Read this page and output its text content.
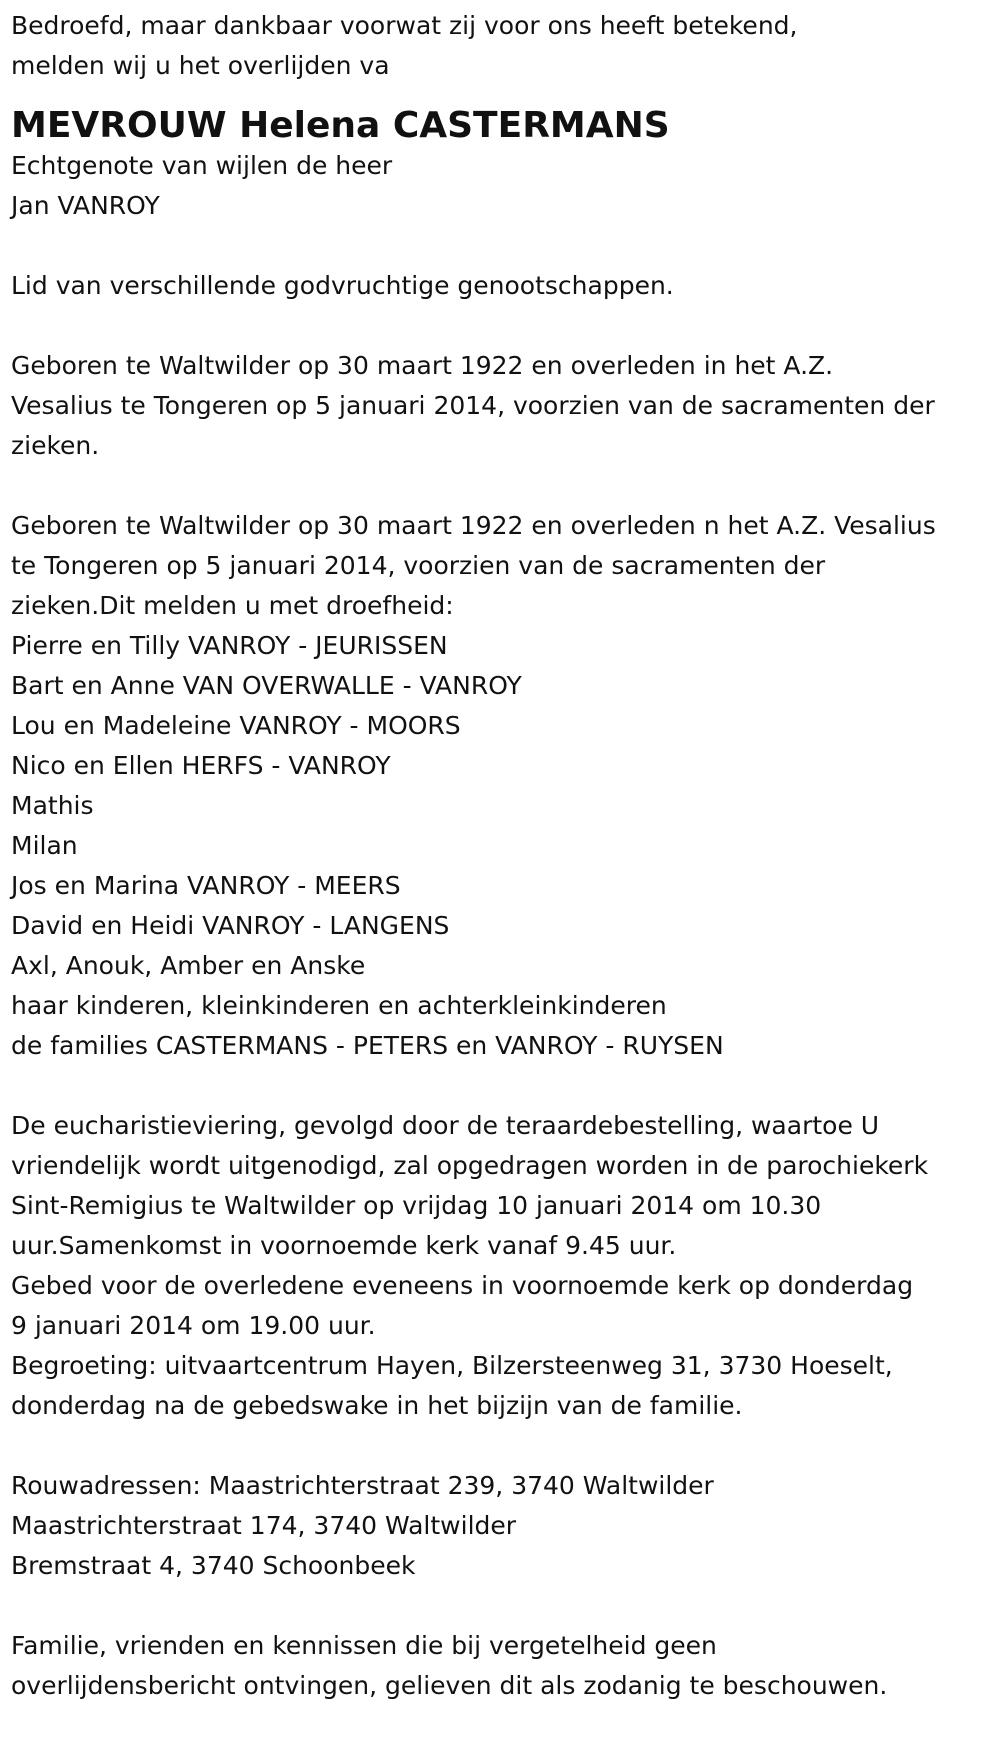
Bedroefd, maar dankbaar voorwat zij voor ons heeft betekend,
melden wij u het overlijden va
MEVROUW Helena CASTERMANS
Echtgenote van wijlen de heer
Jan VANROY
Lid van verschillende godvruchtige genootschappen.
Geboren te Waltwilder op 30 maart 1922 en overleden in het A.Z.
Vesalius te Tongeren op 5 januari 2014, voorzien van de sacramenten der
zieken.
Geboren te Waltwilder op 30 maart 1922 en overleden n het A.Z. Vesalius
te Tongeren op 5 januari 2014, voorzien van de sacramenten der
zieken.Dit melden u met droefheid:
Pierre en Tilly VANROY - JEURISSEN
Bart en Anne VAN OVERWALLE - VANROY
Lou en Madeleine VANROY - MOORS
Nico en Ellen HERFS - VANROY
Mathis
Milan
Jos en Marina VANROY - MEERS
David en Heidi VANROY - LANGENS
Axl, Anouk, Amber en Anske
haar kinderen, kleinkinderen en achterkleinkinderen
de families CASTERMANS - PETERS en VANROY - RUYSEN
De eucharistieviering, gevolgd door de teraardebestelling, waartoe U
vriendelijk wordt uitgenodigd, zal opgedragen worden in de parochiekerk
Sint-Remigius te Waltwilder op vrijdag 10 januari 2014 om 10.30
uur.Samenkomst in voornoemde kerk vanaf 9.45 uur.
Gebed voor de overledene eveneens in voornoemde kerk op donderdag
9 januari 2014 om 19.00 uur.
Begroeting: uitvaartcentrum Hayen, Bilzersteenweg 31, 3730 Hoeselt,
donderdag na de gebedswake in het bijzijn van de familie.
Rouwadressen: Maastrichterstraat 239, 3740 Waltwilder
Maastrichterstraat 174, 3740 Waltwilder
Bremstraat 4, 3740 Schoonbeek
Familie, vrienden en kennissen die bij vergetelheid geen
overlijdensbericht ontvingen, gelieven dit als zodanig te beschouwen.
